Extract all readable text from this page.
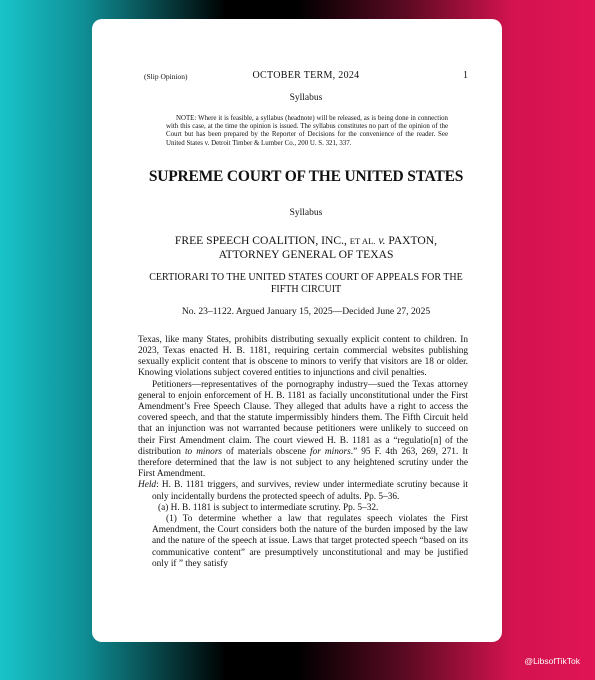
(Slip Opinion)	OCTOBER TERM, 2024	1
Syllabus

NOTE: Where it is feasible, a syllabus (headnote) will be released, as is being done in connection with this case, at the time the opinion is issued. The syllabus constitutes no part of the opinion of the Court but has been prepared by the Reporter of Decisions for the convenience of the reader. See United States v. Detroit Timber & Lumber Co., 200 U. S. 321, 337.

SUPREME COURT OF THE UNITED STATES
Syllabus
FREE SPEECH COALITION, INC., ET AL. v. PAXTON,
ATTORNEY GENERAL OF TEXAS
CERTIORARI TO THE UNITED STATES COURT OF APPEALS FOR THE FIFTH CIRCUIT
No. 23–1122. Argued January 15, 2025—Decided June 27, 2025

Texas, like many States, prohibits distributing sexually explicit content to children. In 2023, Texas enacted H. B. 1181, requiring certain commercial websites publishing sexually explicit content that is obscene to minors to verify that visitors are 18 or older. Knowing violations subject covered entities to injunctions and civil penalties.

Petitioners—representatives of the pornography industry—sued the Texas attorney general to enjoin enforcement of H. B. 1181 as facially unconstitutional under the First Amendment’s Free Speech Clause. They alleged that adults have a right to access the covered speech, and that the statute impermissibly hinders them. The Fifth Circuit held that an injunction was not warranted because petitioners were unlikely to succeed on their First Amendment claim. The court viewed H. B. 1181 as a “regulatio[n] of the distribution to minors of materials obscene for minors.” 95 F. 4th 263, 269, 271. It therefore determined that the law is not subject to any heightened scrutiny under the First Amendment.

Held: H. B. 1181 triggers, and survives, review under intermediate scrutiny because it only incidentally burdens the protected speech of adults. Pp. 5–36.

(a) H. B. 1181 is subject to intermediate scrutiny. Pp. 5–32.

(1) To determine whether a law that regulates speech violates the First Amendment, the Court considers both the nature of the burden imposed by the law and the nature of the speech at issue. Laws that target protected speech “based on its communicative content” are presumptively unconstitutional and may be justified only if ” they satisfy

@LibsofTikTok
